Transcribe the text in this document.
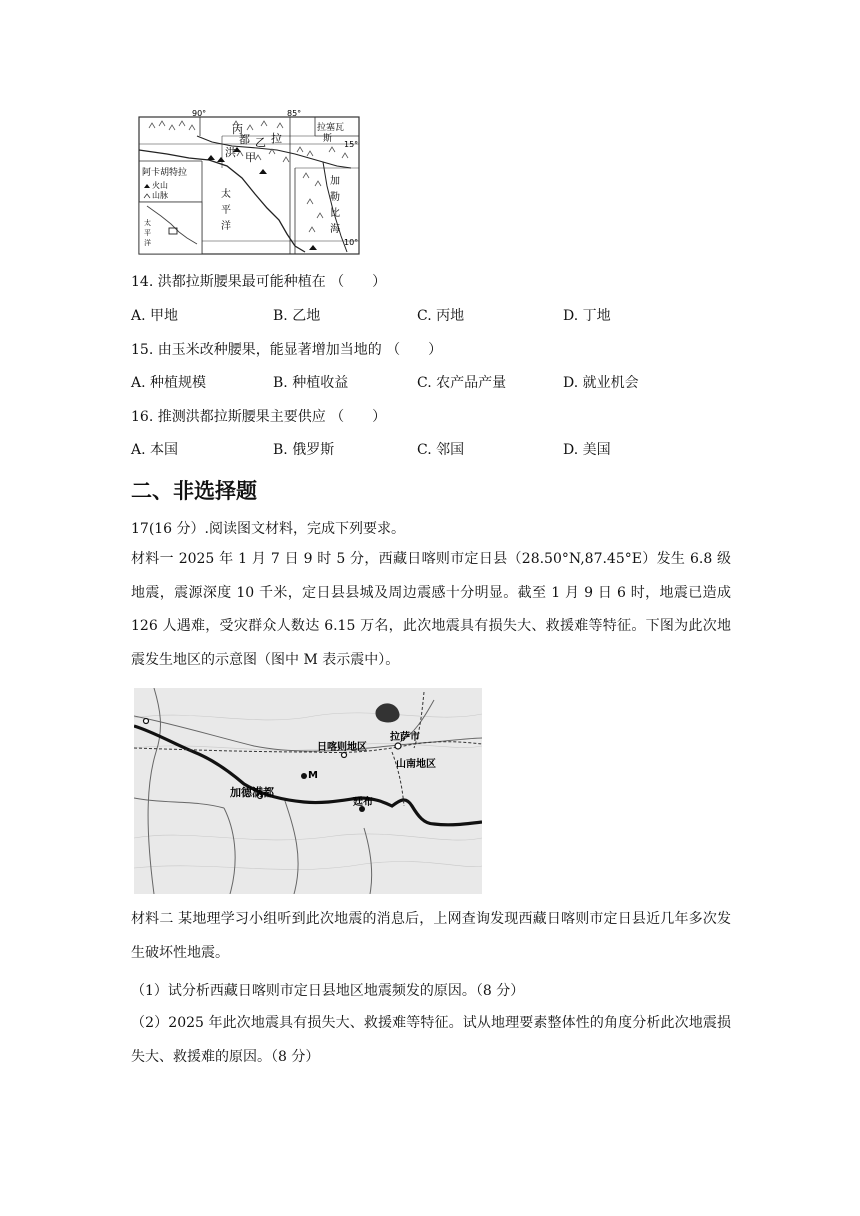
90°	85°
15°
10°
丙
拉
都 乙
洪 甲
拉塞瓦
斯
阿卡胡特拉
火山
山脉	太
平
洋
加
勒
比
海
太
平
洋
14. 洪都拉斯腰果最可能种植在 （　　）
A. 甲地	B. 乙地	C. 丙地	D. 丁地
15. 由玉米改种腰果，能显著增加当地的 （　　）
A. 种植规模	B. 种植收益	C. 农产品产量	D. 就业机会
16. 推测洪都拉斯腰果主要供应 （　　）
A. 本国	B. 俄罗斯	C. 邻国	D. 美国
二、非选择题
17(16 分）.阅读图文材料，完成下列要求。
材料一 2025 年 1 月 7 日 9 时 5 分，西藏日喀则市定日县（28.50°N,87.45°E）发生 6.8 级地震，震源深度 10 千米，定日县县城及周边震感十分明显。截至 1 月 9 日 6 时，地震已造成 126 人遇难，受灾群众人数达 6.15 万名，此次地震具有损失大、救援难等特征。下图为此次地震发生地区的示意图（图中 M 表示震中）。
日喀则地区
拉萨市
山南地区
M
加德满都
廷布
材料二 某地理学习小组听到此次地震的消息后，上网查询发现西藏日喀则市定日县近几年多次发生破坏性地震。
（1）试分析西藏日喀则市定日县地区地震频发的原因。（8 分）
（2）2025 年此次地震具有损失大、救援难等特征。试从地理要素整体性的角度分析此次地震损失大、救援难的原因。（8 分）
